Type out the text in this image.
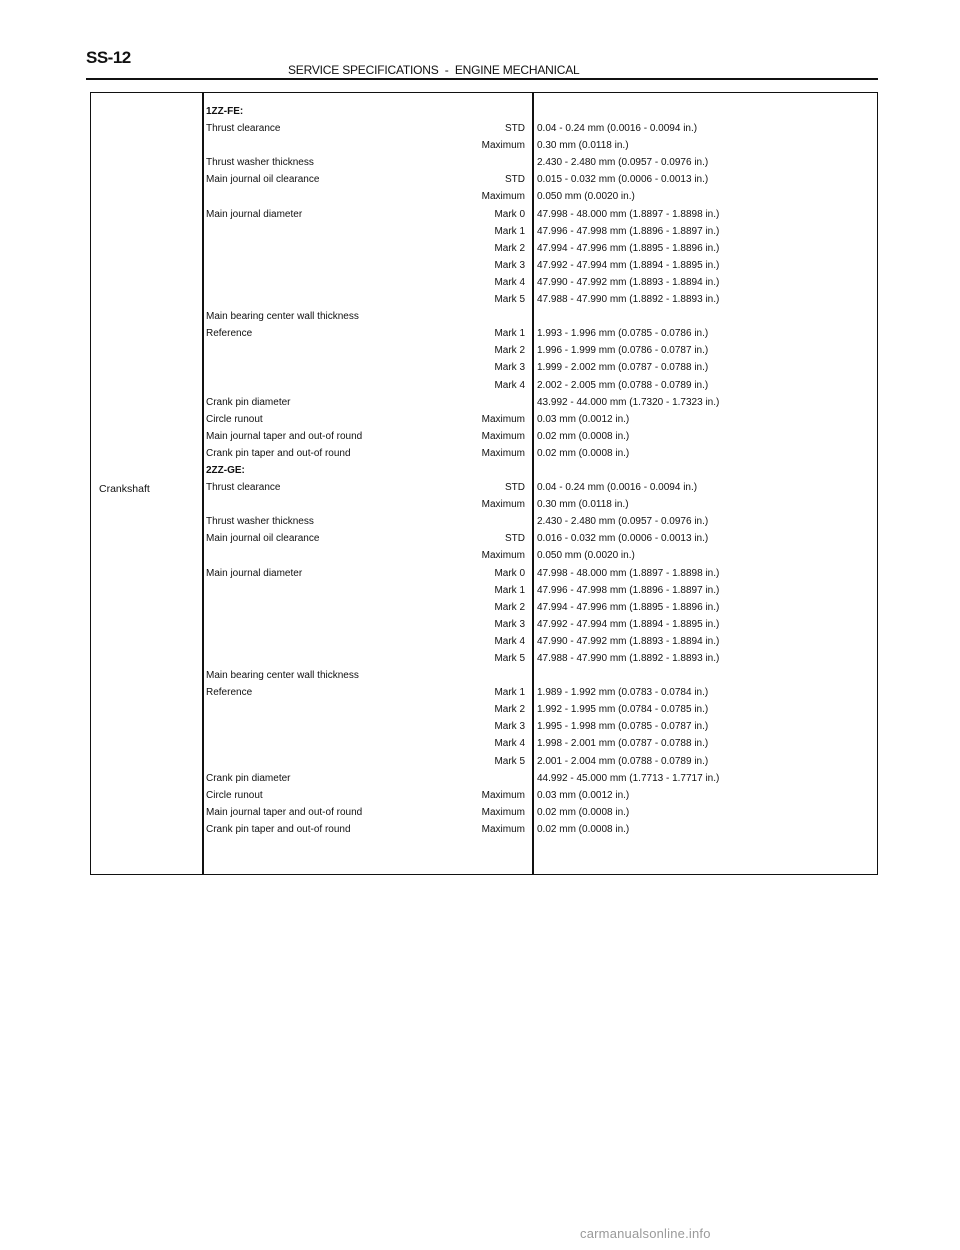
SS-12
SERVICE SPECIFICATIONS  -  ENGINE MECHANICAL
Crankshaft
1ZZ-FE:
Thrust clearance	STD 0.04 - 0.24 mm (0.0016 - 0.0094 in.)
Maximum 0.30 mm (0.0118 in.)
Thrust washer thickness	2.430 - 2.480 mm (0.0957 - 0.0976 in.)
Main journal oil clearance	STD 0.015 - 0.032 mm (0.0006 - 0.0013 in.)
Maximum 0.050 mm (0.0020 in.)
Main journal diameter	Mark 0 47.998 - 48.000 mm (1.8897 - 1.8898 in.)
Mark 1 47.996 - 47.998 mm (1.8896 - 1.8897 in.)
Mark 2 47.994 - 47.996 mm (1.8895 - 1.8896 in.)
Mark 3 47.992 - 47.994 mm (1.8894 - 1.8895 in.)
Mark 4 47.990 - 47.992 mm (1.8893 - 1.8894 in.)
Mark 5 47.988 - 47.990 mm (1.8892 - 1.8893 in.)
Main bearing center wall thickness
Reference	Mark 1 1.993 - 1.996 mm (0.0785 - 0.0786 in.)
Mark 2 1.996 - 1.999 mm (0.0786 - 0.0787 in.)
Mark 3 1.999 - 2.002 mm (0.0787 - 0.0788 in.)
Mark 4 2.002 - 2.005 mm (0.0788 - 0.0789 in.)
Crank pin diameter	43.992 - 44.000 mm (1.7320 - 1.7323 in.)
Circle runout	Maximum 0.03 mm (0.0012 in.)
Main journal taper and out-of round	Maximum 0.02 mm (0.0008 in.)
Crank pin taper and out-of round	Maximum 0.02 mm (0.0008 in.)
2ZZ-GE:
Thrust clearance	STD 0.04 - 0.24 mm (0.0016 - 0.0094 in.)
Maximum 0.30 mm (0.0118 in.)
Thrust washer thickness	2.430 - 2.480 mm (0.0957 - 0.0976 in.)
Main journal oil clearance	STD 0.016 - 0.032 mm (0.0006 - 0.0013 in.)
Maximum 0.050 mm (0.0020 in.)
Main journal diameter	Mark 0 47.998 - 48.000 mm (1.8897 - 1.8898 in.)
Mark 1 47.996 - 47.998 mm (1.8896 - 1.8897 in.)
Mark 2 47.994 - 47.996 mm (1.8895 - 1.8896 in.)
Mark 3 47.992 - 47.994 mm (1.8894 - 1.8895 in.)
Mark 4 47.990 - 47.992 mm (1.8893 - 1.8894 in.)
Mark 5 47.988 - 47.990 mm (1.8892 - 1.8893 in.)
Main bearing center wall thickness
Reference	Mark 1 1.989 - 1.992 mm (0.0783 - 0.0784 in.)
Mark 2 1.992 - 1.995 mm (0.0784 - 0.0785 in.)
Mark 3 1.995 - 1.998 mm (0.0785 - 0.0787 in.)
Mark 4 1.998 - 2.001 mm (0.0787 - 0.0788 in.)
Mark 5 2.001 - 2.004 mm (0.0788 - 0.0789 in.)
Crank pin diameter	44.992 - 45.000 mm (1.7713 - 1.7717 in.)
Circle runout	Maximum 0.03 mm (0.0012 in.)
Main journal taper and out-of round	Maximum 0.02 mm (0.0008 in.)
Crank pin taper and out-of round	Maximum 0.02 mm (0.0008 in.)
carmanualsonline.info
